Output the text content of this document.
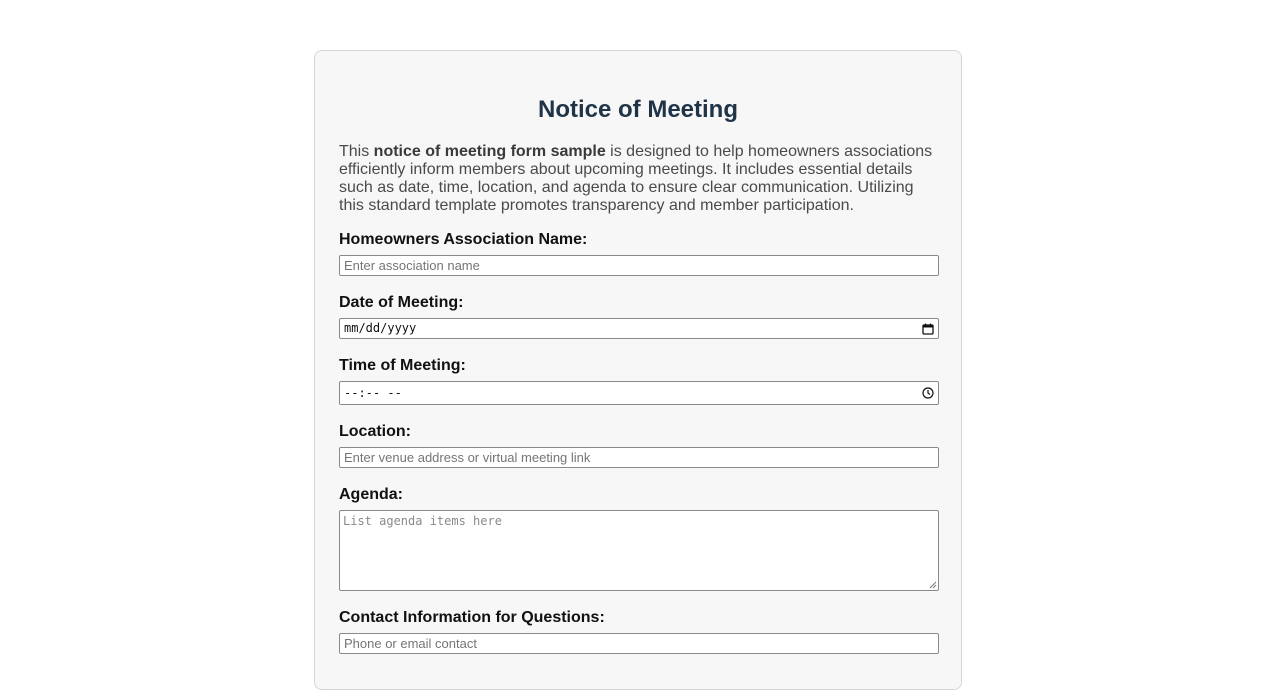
Notice of Meeting

This notice of meeting form sample is designed to help homeowners associations efficiently inform members about upcoming meetings. It includes essential details such as date, time, location, and agenda to ensure clear communication. Utilizing this standard template promotes transparency and member participation.

Homeowners Association Name:
Enter association name
Date of Meeting:
mm/dd/yyyy
Time of Meeting:
--:-- --
Location:
Enter venue address or virtual meeting link
Agenda:
List agenda items here
Contact Information for Questions:
Phone or email contact
